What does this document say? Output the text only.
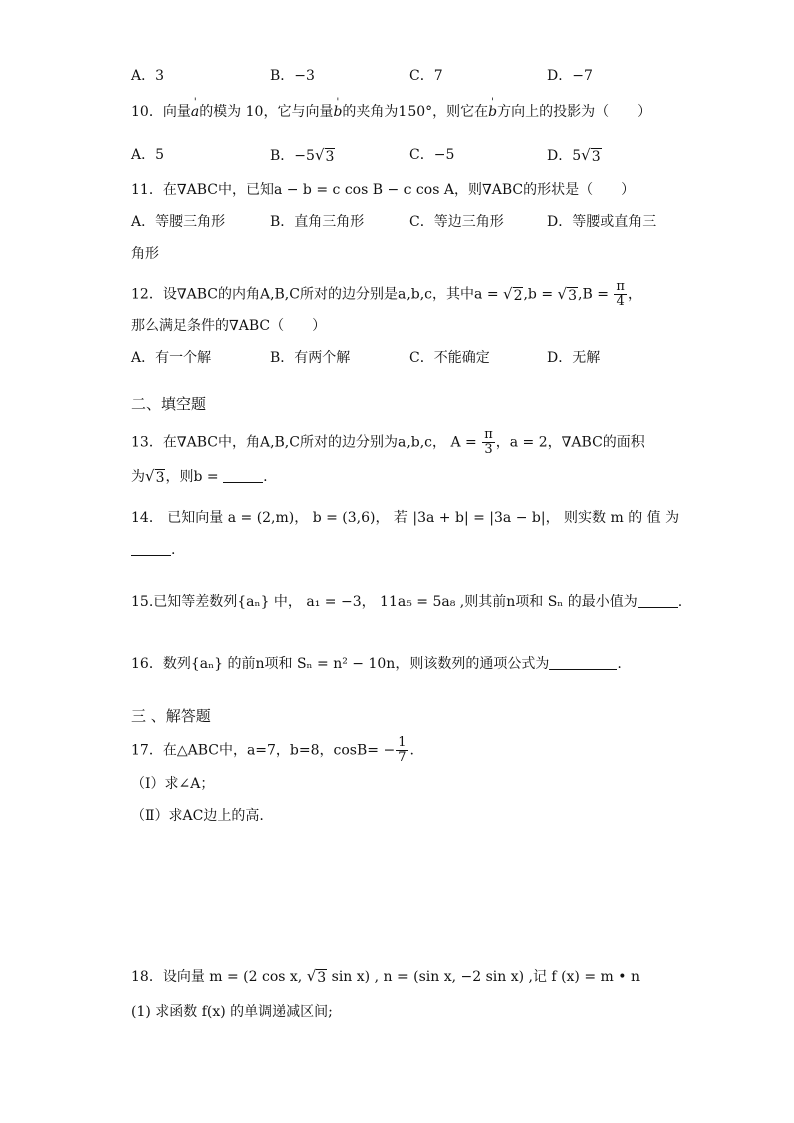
A．3	B．−3	C．7	D．−7
10．向量' a的模为 10，它与向量' b的夹角为150°，则它在' b方向上的投影为（　　）
A．5	B．−5 √ 3	C．−5	D．5 √ 3
11．在∇ABC中，已知a − b = c cos B − c cos A，则∇ABC的形状是（　　）
A．等腰三角形	B．直角三角形	C．等边三角形	D．等腰或直角三
角形
12．设∇ABC的内角A,B,C所对的边分别是a,b,c，其中a = √ 2 ,b = √ 3 $,B = \frac{\pi}{4}$ ，
那么满足条件的∇ABC（　　）
A．有一个解	B．有两个解	C．不能确定	D．无解
二、填空题
13．在∇ABC中，角A,B,C所对的边分别为a,b,c， $A = \frac{\pi}{3}$ ，a = 2，∇ABC的面积
为 √ 3 ，则b =	.
14． 已知向量 a = (2,m)， b = (3,6)， 若 |3a + b| = |3a − b|， 则实数 m 的 值 为
.
15.已知等差数列{aₙ} 中， a₁ = −3， 11a₅ = 5a₈ ,则其前n项和 Sₙ 的最小值为	.
16．数列{aₙ} 的前n项和 Sₙ = n² − 10n，则该数列的通项公式为	.
三 、解答题
17．在△ABC中，a=7，b=8，$\cos B= - \frac{1}{7}$ .
（Ⅰ）求∠A；
（Ⅱ）求AC边上的高.
18．设向量 m = (2 cos x, √ 3 sin x) , n = (sin x, −2 sin x) ,记 f (x) = m • n
(1) 求函数 f(x) 的单调递减区间;
